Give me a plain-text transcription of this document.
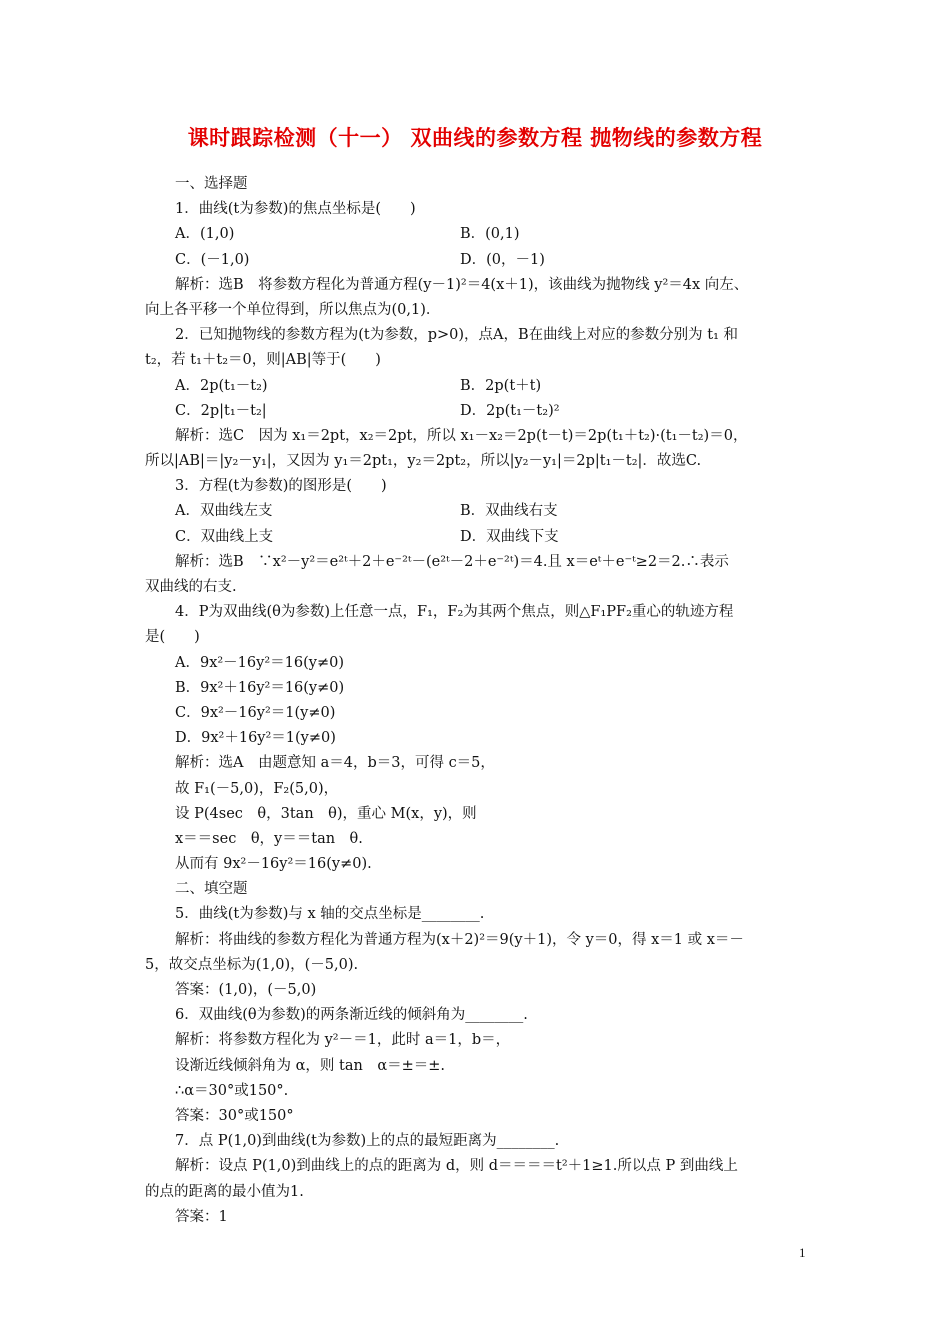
课时跟踪检测（十一） 双曲线的参数方程 抛物线的参数方程
一、选择题
1．曲线(t为参数)的焦点坐标是(　　)
A．(1,0)	B．(0,1)
C．(－1,0)	D．(0，－1)
解析：选B　将参数方程化为普通方程(y－1)²＝4(x＋1)，该曲线为抛物线 y²＝4x 向左、
向上各平移一个单位得到，所以焦点为(0,1)．
2．已知抛物线的参数方程为(t为参数，p>0)，点A，B在曲线上对应的参数分别为 t₁ 和
t₂，若 t₁＋t₂＝0，则|AB|等于(　　)
A．2p(t₁－t₂)	B．2p(t＋t)
C．2p|t₁－t₂|	D．2p(t₁－t₂)²
解析：选C　因为 x₁＝2pt，x₂＝2pt，所以 x₁－x₂＝2p(t－t)＝2p(t₁＋t₂)·(t₁－t₂)＝0，
所以|AB|＝|y₂－y₁|，又因为 y₁＝2pt₁，y₂＝2pt₂，所以|y₂－y₁|＝2p|t₁－t₂|．故选C.
3．方程(t为参数)的图形是(　　)
A．双曲线左支	B．双曲线右支
C．双曲线上支	D．双曲线下支
解析：选B　∵x²－y²＝e²ᵗ＋2＋e⁻²ᵗ－(e²ᵗ－2＋e⁻²ᵗ)＝4.且 x＝eᵗ＋e⁻ᵗ≥2＝2.∴表示
双曲线的右支.
4．P为双曲线(θ为参数)上任意一点，F₁，F₂为其两个焦点，则△F₁PF₂重心的轨迹方程
是(　　)
A．9x²－16y²＝16(y≠0)
B．9x²＋16y²＝16(y≠0)
C．9x²－16y²＝1(y≠0)
D．9x²＋16y²＝1(y≠0)
解析：选A　由题意知 a＝4，b＝3，可得 c＝5，
故 F₁(－5,0)，F₂(5,0)，
设 P(4sec　θ，3tan　θ)，重心 M(x，y)，则
x＝＝sec　θ，y＝＝tan　θ.
从而有 9x²－16y²＝16(y≠0).
二、填空题
5．曲线(t为参数)与 x 轴的交点坐标是________.
解析：将曲线的参数方程化为普通方程为(x＋2)²＝9(y＋1)，令 y＝0，得 x＝1 或 x＝－
5，故交点坐标为(1,0)，(－5,0).
答案：(1,0)，(－5,0)
6．双曲线(θ为参数)的两条渐近线的倾斜角为________.
解析：将参数方程化为 y²－＝1，此时 a＝1，b＝，
设渐近线倾斜角为 α，则 tan　α＝±＝±.
∴α＝30°或150°.
答案：30°或150°
7．点 P(1,0)到曲线(t为参数)上的点的最短距离为________.
解析：设点 P(1,0)到曲线上的点的距离为 d，则 d＝＝＝＝t²＋1≥1.所以点 P 到曲线上
的点的距离的最小值为1.
答案：1
1
